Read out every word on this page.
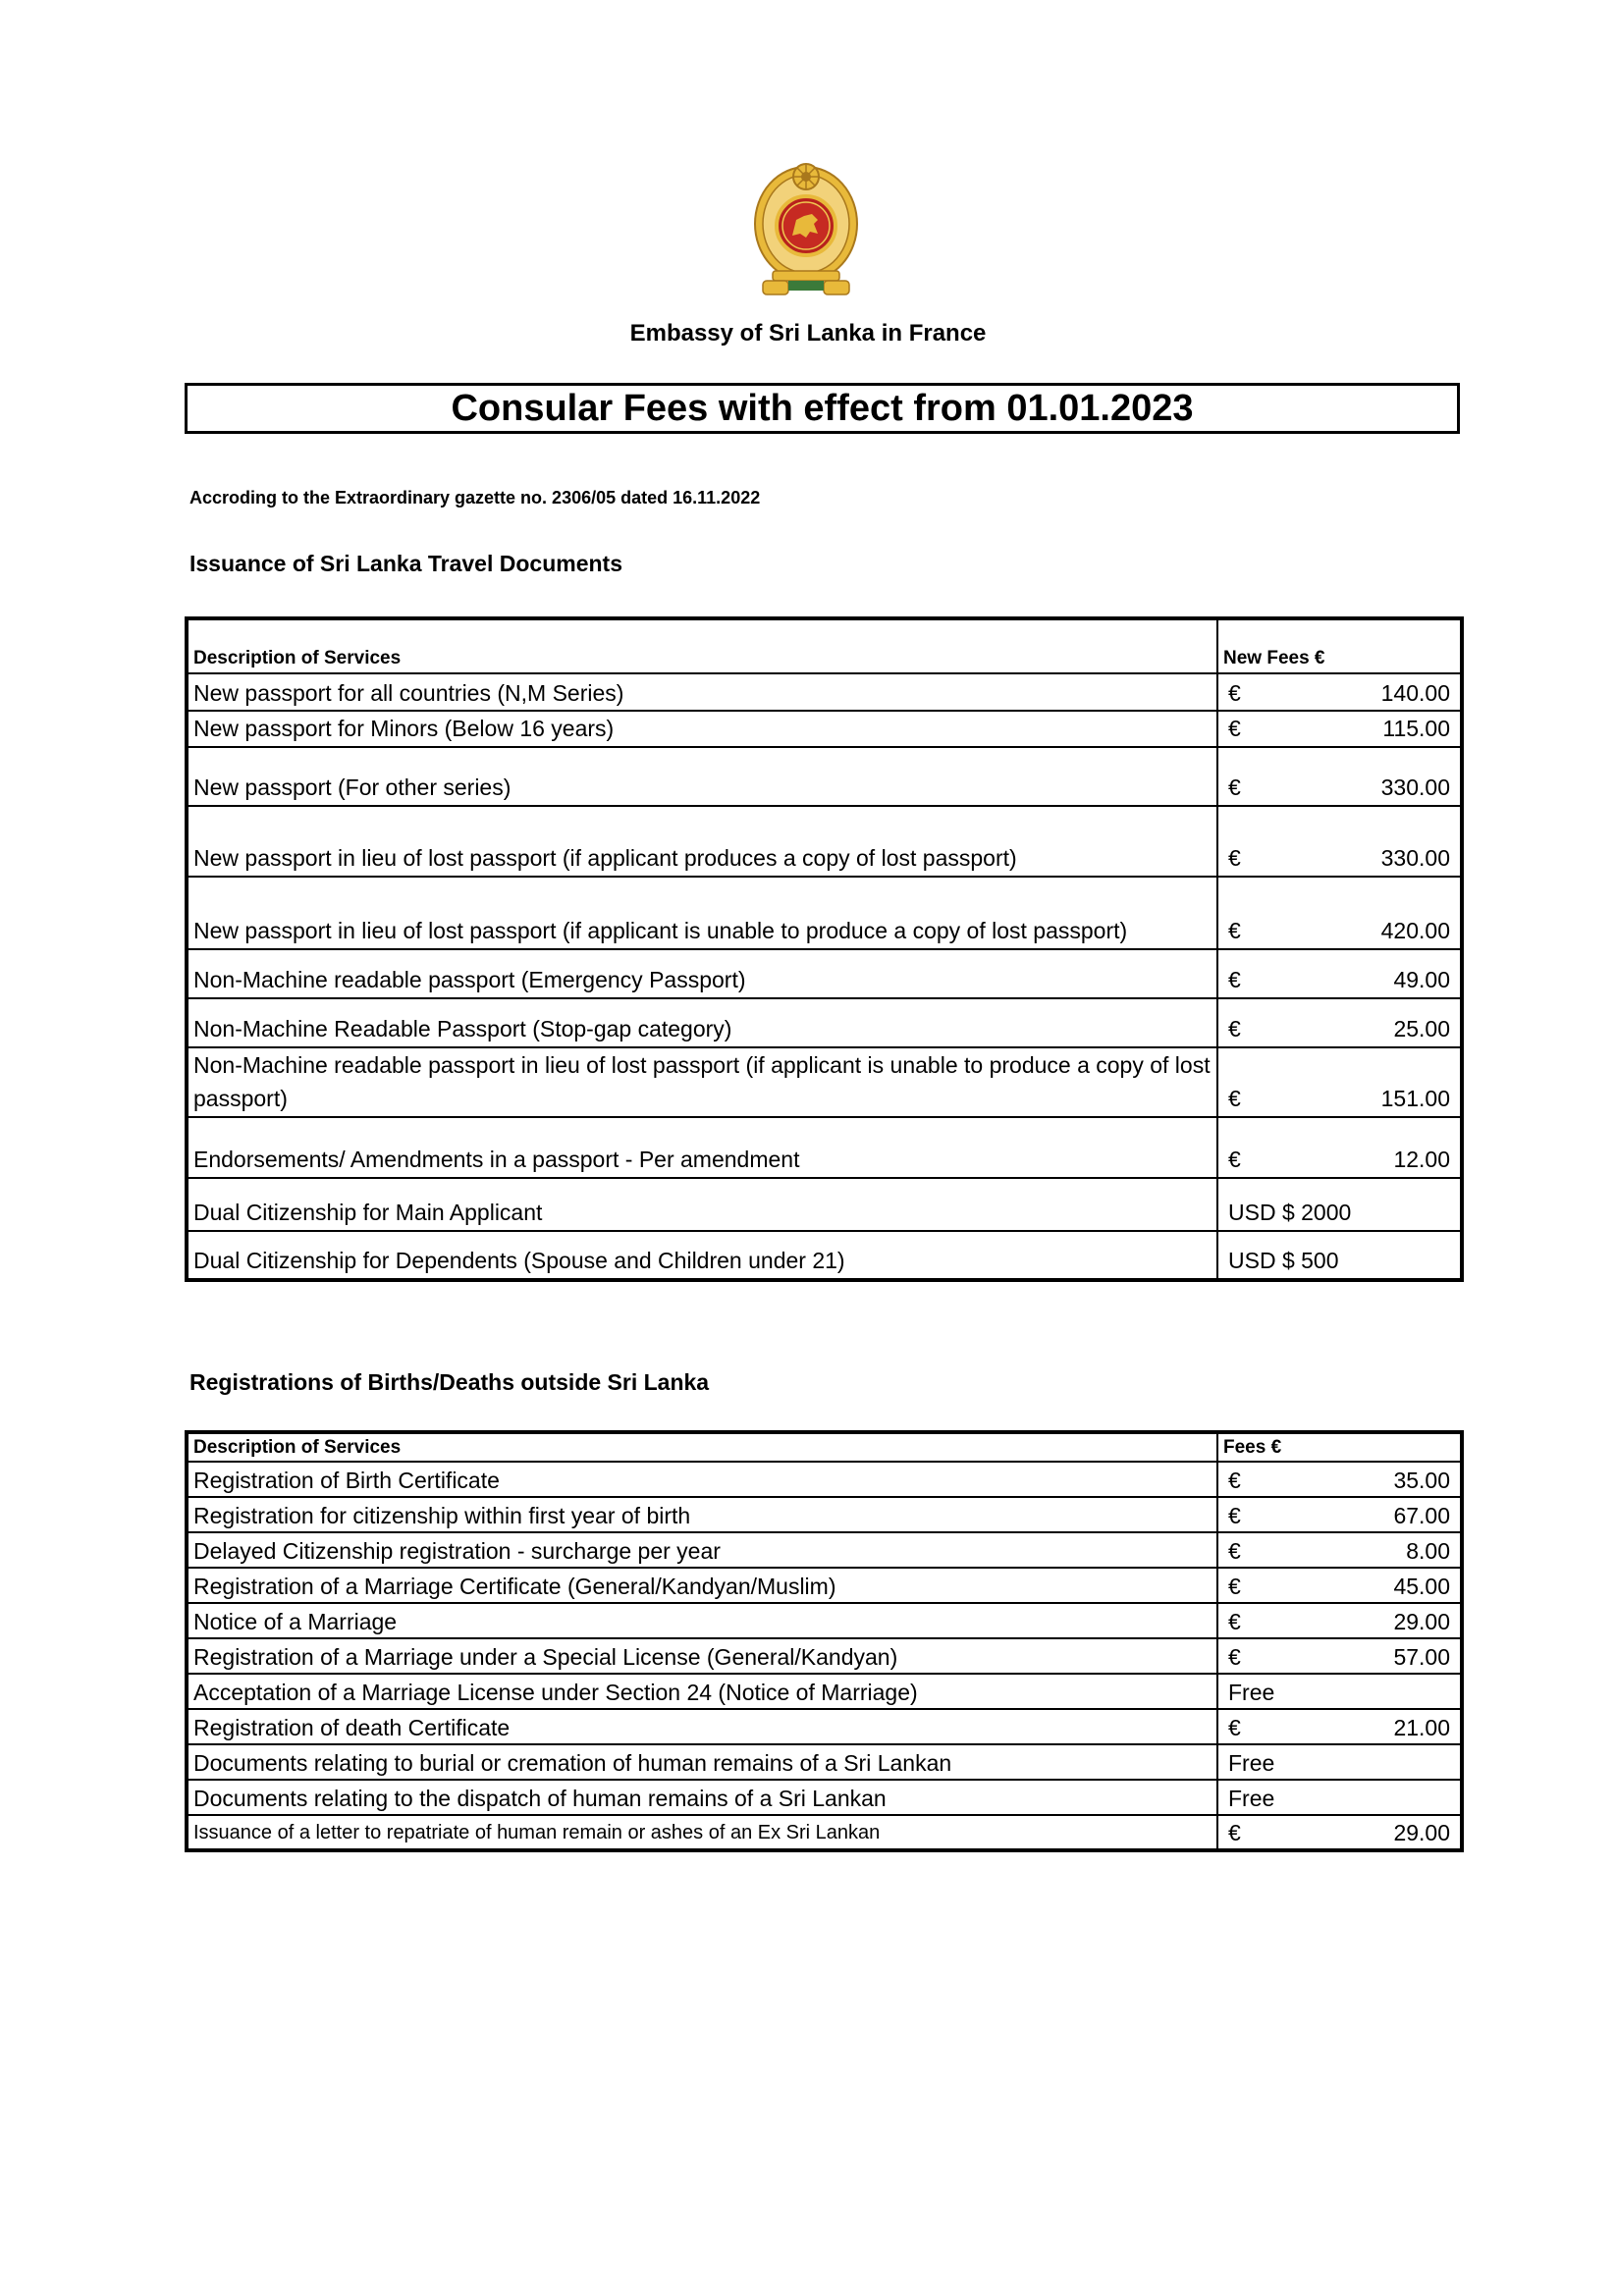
Embassy of Sri Lanka in France
Consular Fees with effect from 01.01.2023
Accroding to the Extraordinary gazette no. 2306/05 dated 16.11.2022
Issuance of Sri Lanka Travel Documents
Description of Services	New Fees €
New passport for all countries (N,M Series)	€ 140.00

New passport for Minors (Below 16 years)	€ 115.00

New passport (For other series)	€ 330.00

New passport in lieu of lost passport (if applicant produces a copy of lost passport)	€ 330.00

New passport in lieu of lost passport (if applicant is unable to produce a copy of lost passport)	€ 420.00

Non-Machine readable passport (Emergency Passport)	€ 49.00

Non-Machine Readable Passport (Stop-gap category)	€ 25.00

Non-Machine readable passport in lieu of lost passport (if applicant is unable to produce a copy of lost passport)	€ 151.00

Endorsements/ Amendments in a passport - Per amendment	€ 12.00

Dual Citizenship for Main Applicant	USD $ 2000

Dual Citizenship for Dependents (Spouse and Children under 21)	USD $ 500
Registrations of Births/Deaths outside Sri Lanka
Description of Services	Fees €
Registration of Birth Certificate	€ 35.00

Registration for citizenship within first year of birth	€ 67.00

Delayed Citizenship registration - surcharge per year	€ 8.00

Registration of a Marriage Certificate (General/Kandyan/Muslim)	€ 45.00

Notice of a Marriage	€ 29.00

Registration of a Marriage under a Special License (General/Kandyan)	€ 57.00

Acceptation of a Marriage License under Section 24 (Notice of Marriage)	Free

Registration of death Certificate	€ 21.00

Documents relating to burial or cremation of human remains of a Sri Lankan	Free

Documents relating to the dispatch of human remains of a Sri Lankan	Free

Issuance of a letter to repatriate of human remain or ashes of an Ex Sri Lankan	€ 29.00
